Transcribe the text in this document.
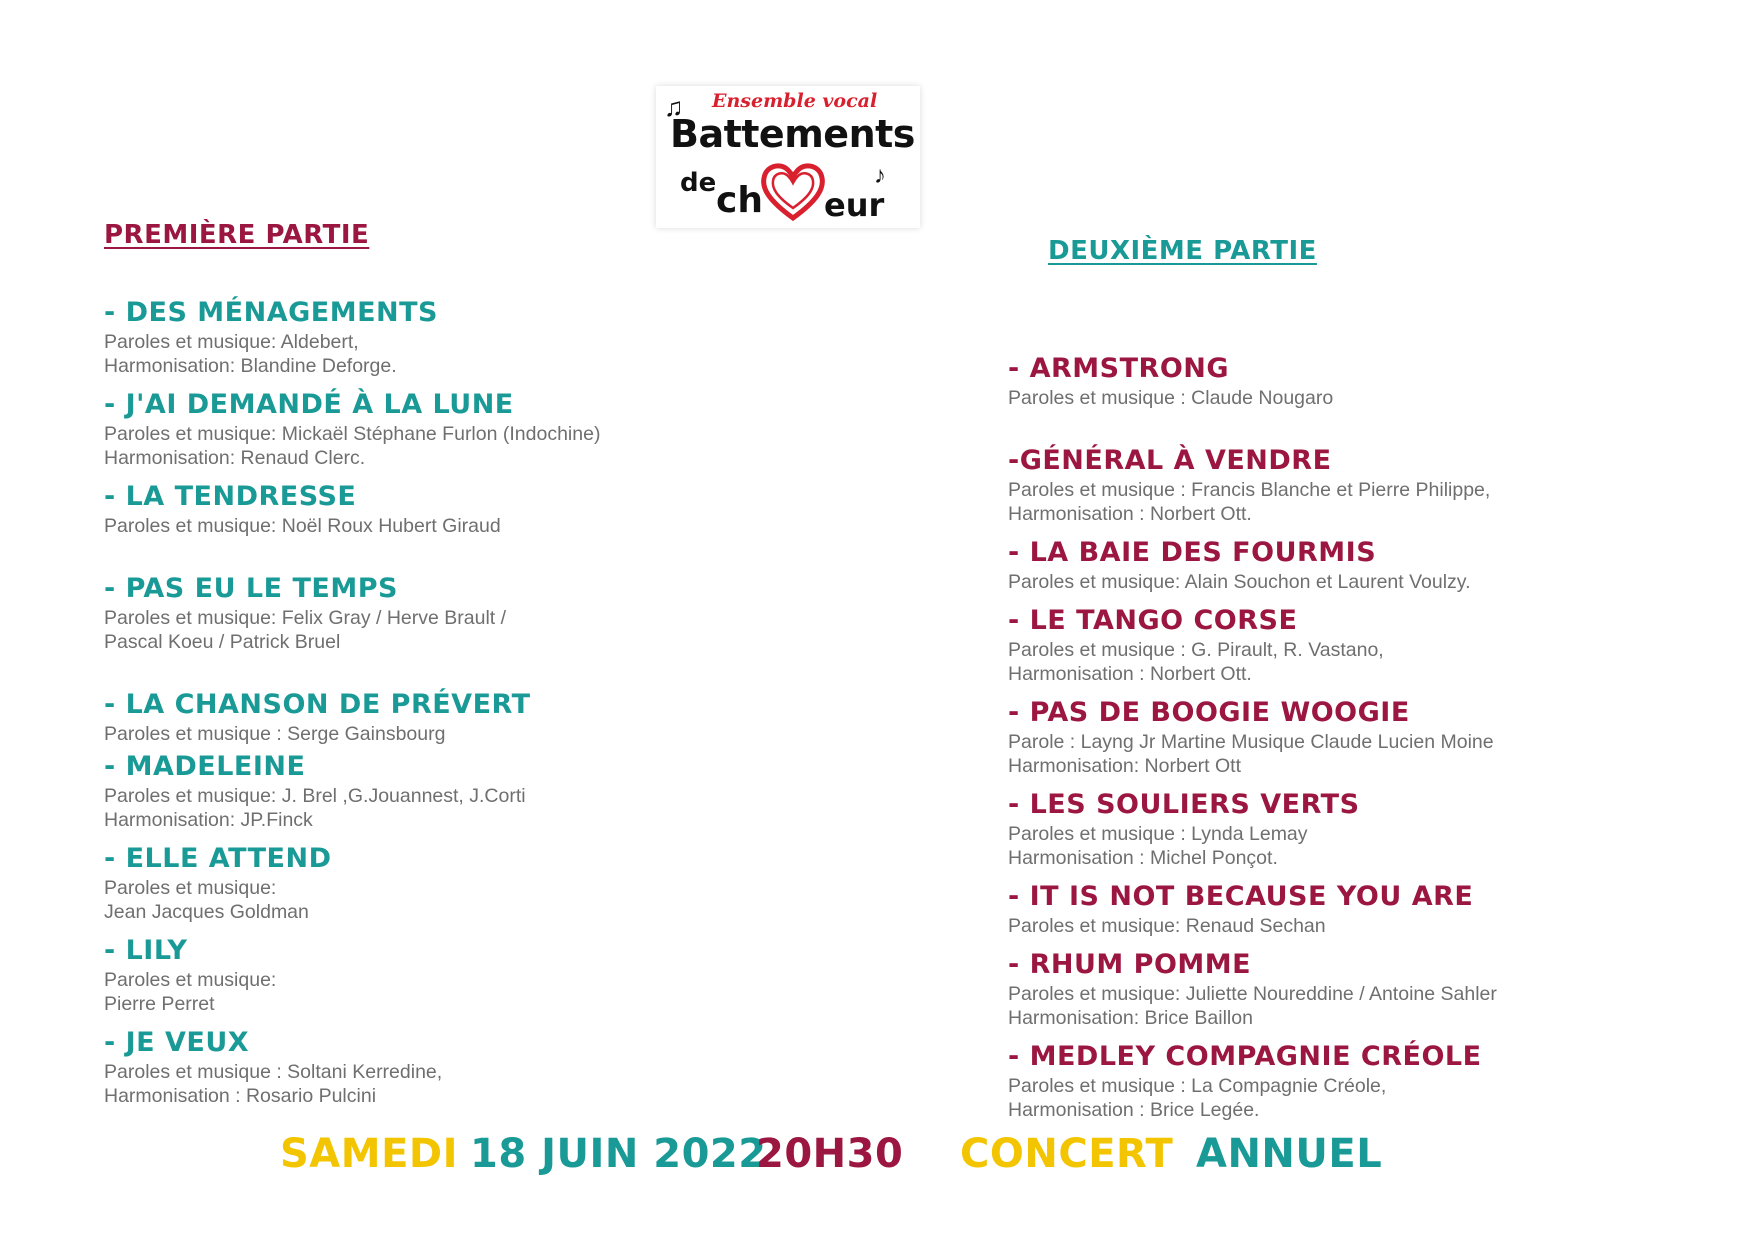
♫ Ensemble vocal
Battements
de ch eur
♪

PREMIÈRE PARTIE

- DES MÉNAGEMENTS

Paroles et musique: Aldebert,
Harmonisation: Blandine Deforge.

- J'AI DEMANDÉ À LA LUNE

Paroles et musique: Mickaël Stéphane Furlon (Indochine)
Harmonisation: Renaud Clerc.

- LA TENDRESSE

Paroles et musique: Noël Roux Hubert Giraud

- PAS EU LE TEMPS

Paroles et musique: Felix Gray / Herve Brault /
Pascal Koeu / Patrick Bruel

- LA CHANSON DE PRÉVERT

Paroles et musique : Serge Gainsbourg

- MADELEINE

Paroles et musique: J. Brel ,G.Jouannest, J.Corti
Harmonisation: JP.Finck

- ELLE ATTEND

Paroles et musique:
Jean Jacques Goldman

- LILY

Paroles et musique:
Pierre Perret

- JE VEUX

Paroles et musique : Soltani Kerredine,
Harmonisation : Rosario Pulcini

DEUXIÈME PARTIE

- ARMSTRONG

Paroles et musique : Claude Nougaro

-GÉNÉRAL À VENDRE

Paroles et musique : Francis Blanche et Pierre Philippe,
Harmonisation : Norbert Ott.

- LA BAIE DES FOURMIS

Paroles et musique: Alain Souchon et Laurent Voulzy.

- LE TANGO CORSE

Paroles et musique : G. Pirault, R. Vastano,
Harmonisation : Norbert Ott.

- PAS DE BOOGIE WOOGIE

Parole : Layng Jr Martine Musique Claude Lucien Moine
Harmonisation: Norbert Ott

- LES SOULIERS VERTS

Paroles et musique : Lynda Lemay
Harmonisation : Michel Ponçot.

- IT IS NOT BECAUSE YOU ARE

Paroles et musique: Renaud Sechan

- RHUM POMME

Paroles et musique: Juliette Noureddine / Antoine Sahler
Harmonisation: Brice Baillon

- MEDLEY COMPAGNIE CRÉOLE

Paroles et musique : La Compagnie Créole,
Harmonisation : Brice Legée.

SAMEDI 18 JUIN 2022
20H30 CONCERT ANNUEL
